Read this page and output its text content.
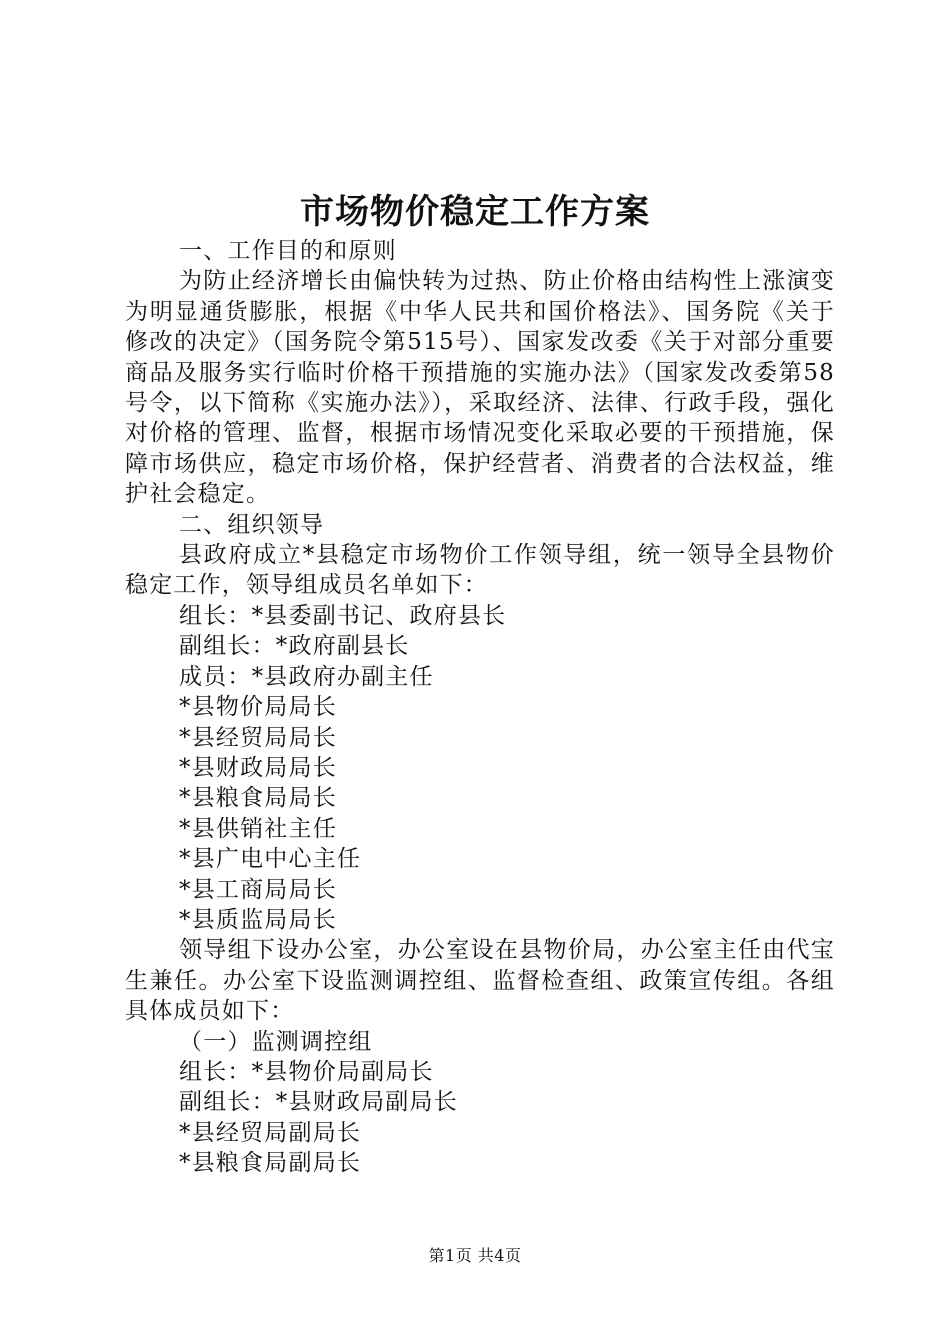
市场物价稳定工作方案

一、工作目的和原则

为防止经济增长由偏快转为过热、防止价格由结构性上涨演变为明显通货膨胀，根据《中华人民共和国价格法》、国务院《关于修改的决定》（国务院令第515号）、国家发改委《关于对部分重要商品及服务实行临时价格干预措施的实施办法》（国家发改委第58号令，以下简称《实施办法》），采取经济、法律、行政手段，强化对价格的管理、监督，根据市场情况变化采取必要的干预措施，保障市场供应，稳定市场价格，保护经营者、消费者的合法权益，维护社会稳定。

二、组织领导

县政府成立*县稳定市场物价工作领导组，统一领导全县物价稳定工作，领导组成员名单如下：

组长：*县委副书记、政府县长

副组长：*政府副县长

成员：*县政府办副主任

*县物价局局长

*县经贸局局长

*县财政局局长

*县粮食局局长

*县供销社主任

*县广电中心主任

*县工商局局长

*县质监局局长

领导组下设办公室，办公室设在县物价局，办公室主任由代宝生兼任。办公室下设监测调控组、监督检查组、政策宣传组。各组具体成员如下：

（一）监测调控组

组长：*县物价局副局长

副组长：*县财政局副局长

*县经贸局副局长

*县粮食局副局长

第1页 共4页
